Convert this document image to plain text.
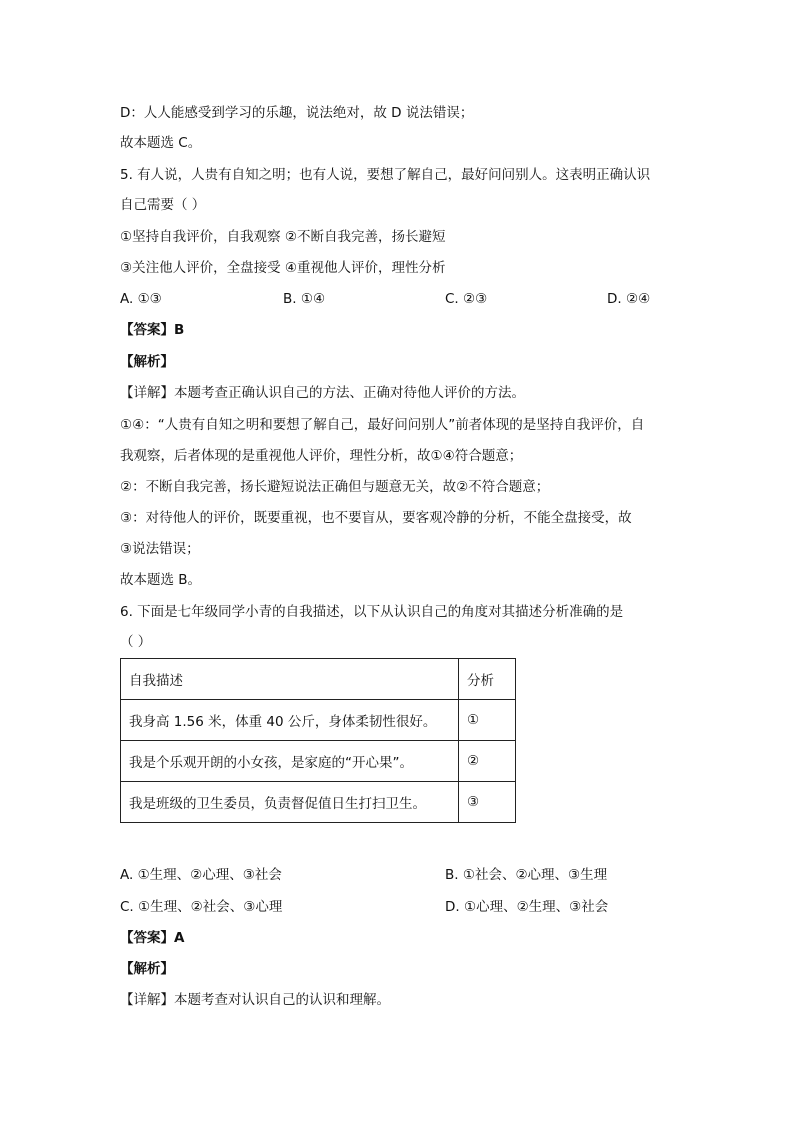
D：人人能感受到学习的乐趣，说法绝对，故 D 说法错误；
故本题选 C。
5. 有人说，人贵有自知之明；也有人说，要想了解自己，最好问问别人。这表明正确认识
自己需要（ ）
①坚持自我评价，自我观察 ②不断自我完善，扬长避短
③关注他人评价，全盘接受 ④重视他人评价，理性分析
A. ①③	B. ①④	C. ②③	D. ②④
【答案】B
【解析】
【详解】本题考查正确认识自己的方法、正确对待他人评价的方法。
①④：“人贵有自知之明和要想了解自己，最好问问别人”前者体现的是坚持自我评价，自
我观察，后者体现的是重视他人评价，理性分析，故①④符合题意；
②：不断自我完善，扬长避短说法正确但与题意无关，故②不符合题意；
③：对待他人的评价，既要重视，也不要盲从，要客观冷静的分析，不能全盘接受，故
③说法错误；
故本题选 B。
6. 下面是七年级同学小青的自我描述，以下从认识自己的角度对其描述分析准确的是
（ ）
自我描述	分析
我身高 1.56 米，体重 40 公斤，身体柔韧性很好。	①
我是个乐观开朗的小女孩，是家庭的“开心果”。	②
我是班级的卫生委员，负责督促值日生打扫卫生。	③
A. ①生理、②心理、③社会	B. ①社会、②心理、③生理
C. ①生理、②社会、③心理	D. ①心理、②生理、③社会
【答案】A
【解析】
【详解】本题考查对认识自己的认识和理解。
